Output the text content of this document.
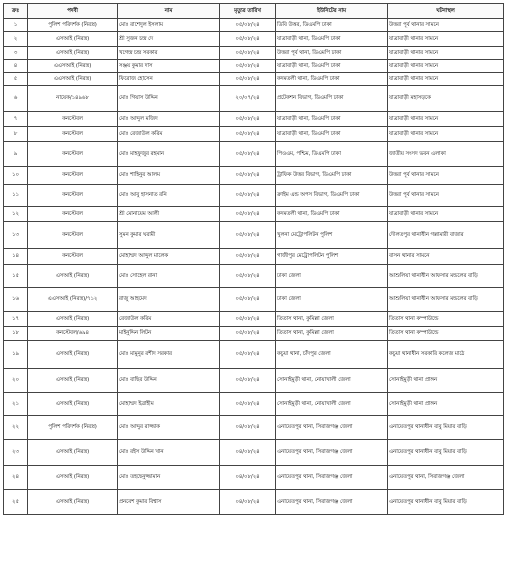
ক্রঃ	পদবী	নাম	মৃত্যুর তারিখ	ইউনিটের নাম	ঘটনাস্থল
১	পুলিশ পরিদর্শক (নিরস্ত্র)	মোঃ রাশেদুল ইসলাম	০৫/০৮/২৪	ডিবি উত্তর, ডিএমপি ঢাকা	উত্তরা পূর্ব থানার সামনে
২	এসআই (নিরস্ত্র)	শ্রী সুজন চন্দ্র দে	০৫/০৮/২৪	যাত্রাবাড়ী থানা, ডিএমপি ঢাকা	যাত্রাবাড়ী থানার সামনে
৩	এসআই (নিরস্ত্র)	খগেন্দ্র চন্দ্র সরকার	০৫/০৮/২৪	উত্তরা পূর্ব থানা, ডিএমপি ঢাকা	যাত্রাবাড়ী থানার সামনে
৪	এএসআই (নিরস্ত্র)	সঞ্জয় কুমার দাস	০৫/০৮/২৪	যাত্রাবাড়ী থানা, ডিএমপি ঢাকা	যাত্রাবাড়ী থানার সামনে
৫	এএসআই (নিরস্ত্র)	ফিরোজ হোসেন	০৫/০৮/২৪	কদমতলী থানা, ডিএমপি ঢাকা	যাত্রাবাড়ী থানার সামনে
৬	নায়েক/১৪৯৬৮	মোঃ গিয়াস উদ্দিন	২০/০৭/২৪	প্রটেকশন বিভাগ, ডিএমপি ঢাকা	যাত্রাবাড়ী মহাসড়কে
৭	কনস্টেবল	মোঃ আব্দুল মজিদ	০৫/০৮/২৪	যাত্রাবাড়ী থানা, ডিএমপি ঢাকা	যাত্রাবাড়ী থানার সামনে
৮	কনস্টেবল	মোঃ রেজাউল করিম	০৫/০৮/২৪	যাত্রাবাড়ী থানা, ডিএমপি ঢাকা	যাত্রাবাড়ী থানার সামনে
৯	কনস্টেবল	মোঃ মাহফুজুর রহমান	০৫/০৮/২৪	পিওএম, পশ্চিম, ডিএমপি ঢাকা	জাতীয় সংসদ ভবন এলাকা
১০	কনস্টেবল	মোঃ শাহিনুর আলম	০৫/০৮/২৪	ট্রাফিক উত্তর বিভাগ, ডিএমপি ঢাকা	উত্তরা পূর্ব থানার সামনে
১১	কনস্টেবল	মোঃ আবু হাসনাত রনি	০৫/০৮/২৪	ক্রাইম এন্ড অপস বিভাগ, ডিএমপি ঢাকা	উত্তরা পূর্ব থানার সামনে
১২	কনস্টেবল	শ্রী মোনায়েম আলী	০৫/০৮/২৪	কদমতলী থানা, ডিএমপি ঢাকা	যাত্রাবাড়ী থানার সামনে
১৩	কনস্টেবল	সুমন কুমার ঘরামী	০৫/০৮/২৪	খুলনা মেট্রোপলিটন পুলিশ	দৌলতপুর থানাধীন গল্লামারী বাজার
১৪	কনস্টেবল	মোহাম্মদ আব্দুল মালেক	০৫/০৮/২৪	গাজীপুর মেট্রোপলিটন পুলিশ	বাসন থানার সামনে
১৫	এসআই (নিরস্ত্র)	মোঃ সোহেল রানা	০৫/০৮/২৪	ঢাকা জেলা	আশুলিয়া থানাধীন আফসার মন্ডলের বাড়ি
১৬	এএসআই (নিরস্ত্র)/৭১২	রাজু আহমেদ	০৫/০৮/২৪	ঢাকা জেলা	আশুলিয়া থানাধীন আফসার মন্ডলের বাড়ি
১৭	এসআই (নিরস্ত্র)	রেজাউল করিম	০৫/০৮/২৪	তিতাস থানা, কুমিল্লা জেলা	তিতাস থানা কম্পাউন্ডে
১৮	কনস্টেবল/৬৯৪	মাইনুদ্দিন লিটন	০৫/০৮/২৪	তিতাস থানা, কুমিল্লা জেলা	তিতাস থানা কম্পাউন্ডে
১৯	এসআই (নিরস্ত্র)	মোঃ মামুনুর রশীদ সরকার	০৫/০৮/২৪	কচুয়া থানা, চাঁদপুর জেলা	কচুয়া থানাধীন সরকারি কলেজ মাঠে
২০	এসআই (নিরস্ত্র)	মোঃ বাছির উদ্দিন	০৫/০৮/২৪	সোনাইমুড়ী থানা, নোয়াখালী জেলা	সোনাইমুড়ী থানা প্রাঙ্গন
২১	এসআই (নিরস্ত্র)	মোহাম্মদ ইব্রাহীম	০৫/০৮/২৪	সোনাইমুড়ী থানা, নোয়াখালী জেলা	সোনাইমুড়ী থানা প্রাঙ্গন
২২	পুলিশ পরিদর্শক (নিরস্ত্র)	মোঃ আব্দুর রাজ্জাক	০৪/০৮/২৪	এনায়েতপুর থানা, সিরাজগঞ্জ জেলা	এনায়েতপুর থানাধীন বাবু মিয়ার বাড়ি
২৩	এসআই (নিরস্ত্র)	মোঃ রইস উদ্দিন খান	০৪/০৮/২৪	এনায়েতপুর থানা, সিরাজগঞ্জ জেলা	এনায়েতপুর থানাধীন বাবু মিয়ার বাড়ি
২৪	এসআই (নিরস্ত্র)	মোঃ তহছেনুজ্জামান	০৪/০৮/২৪	এনায়েতপুর থানা, সিরাজগঞ্জ জেলা	এনায়েতপুর থানা, সিরাজগঞ্জ জেলা
২৫	এসআই (নিরস্ত্র)	প্রনবেশ কুমার বিশ্বাস	০৪/০৮/২৪	এনায়েতপুর থানা, সিরাজগঞ্জ জেলা	এনায়েতপুর থানাধীন বাবু মিয়ার বাড়ি
